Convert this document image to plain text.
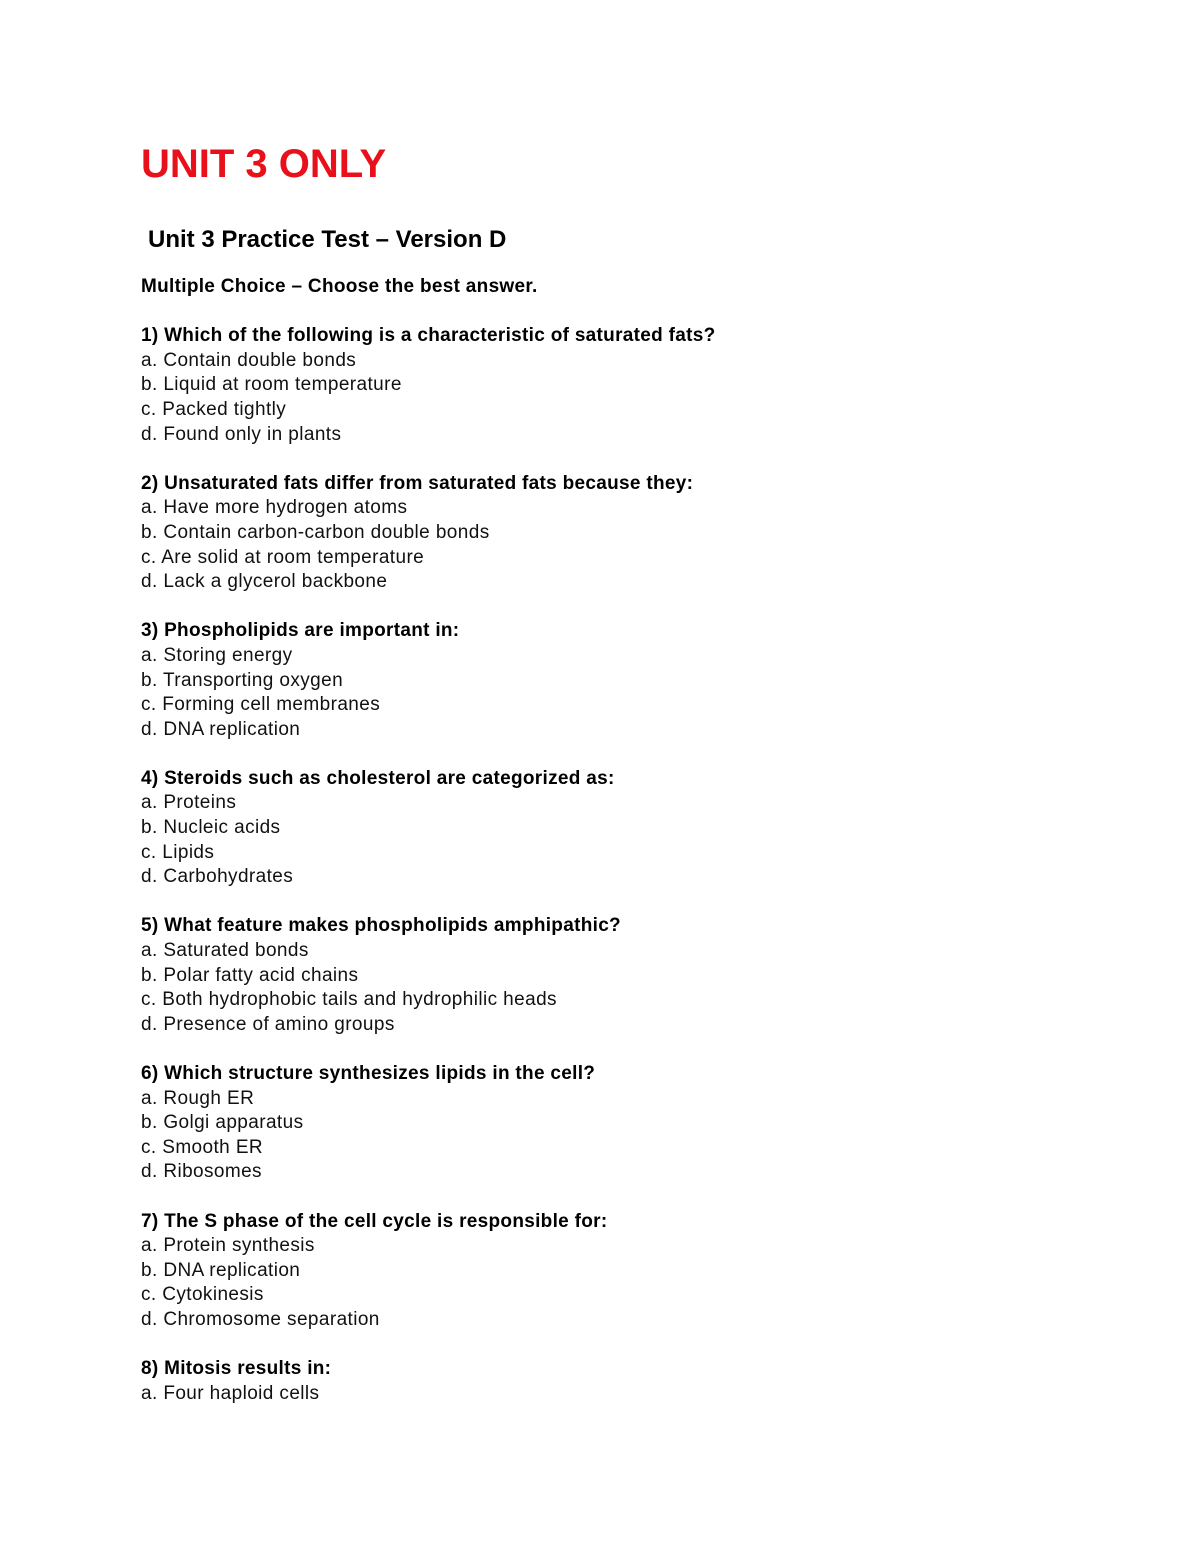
UNIT 3 ONLY
Unit 3 Practice Test – Version D
Multiple Choice – Choose the best answer.
1) Which of the following is a characteristic of saturated fats?
a. Contain double bonds
b. Liquid at room temperature
c. Packed tightly
d. Found only in plants
2) Unsaturated fats differ from saturated fats because they:
a. Have more hydrogen atoms
b. Contain carbon-carbon double bonds
c. Are solid at room temperature
d. Lack a glycerol backbone
3) Phospholipids are important in:
a. Storing energy
b. Transporting oxygen
c. Forming cell membranes
d. DNA replication
4) Steroids such as cholesterol are categorized as:
a. Proteins
b. Nucleic acids
c. Lipids
d. Carbohydrates
5) What feature makes phospholipids amphipathic?
a. Saturated bonds
b. Polar fatty acid chains
c. Both hydrophobic tails and hydrophilic heads
d. Presence of amino groups
6) Which structure synthesizes lipids in the cell?
a. Rough ER
b. Golgi apparatus
c. Smooth ER
d. Ribosomes
7) The S phase of the cell cycle is responsible for:
a. Protein synthesis
b. DNA replication
c. Cytokinesis
d. Chromosome separation
8) Mitosis results in:
a. Four haploid cells
